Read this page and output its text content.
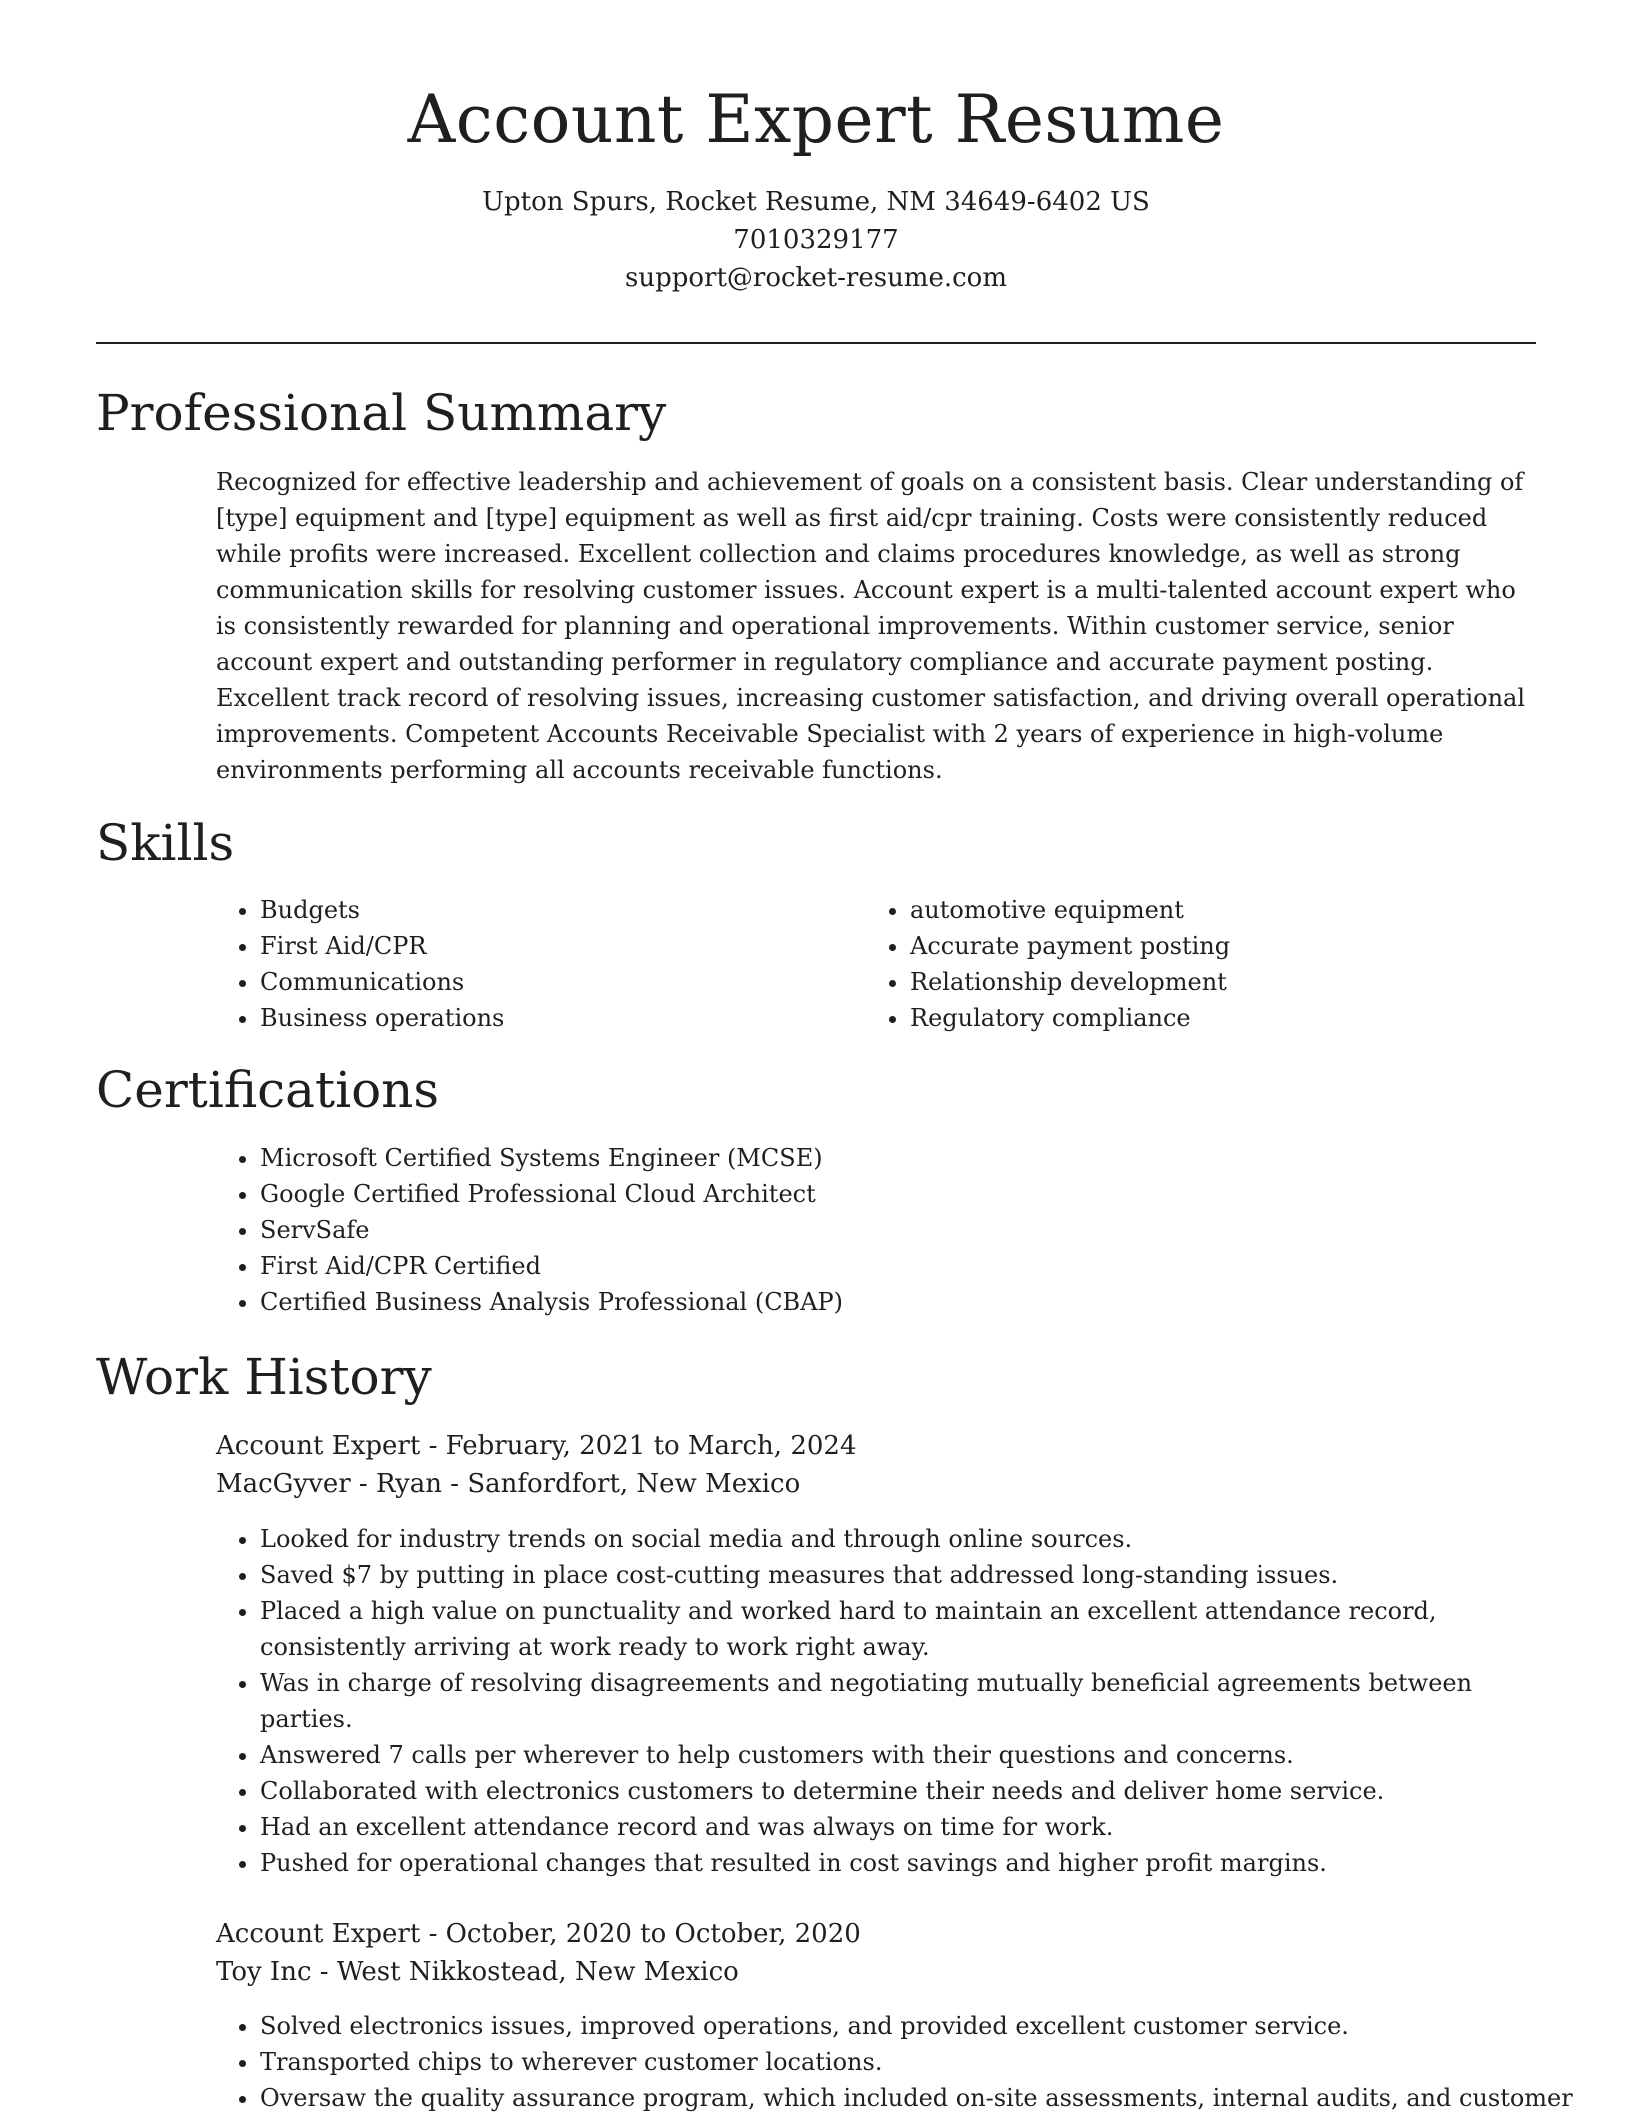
Account Expert Resume
Upton Spurs, Rocket Resume, NM 34649-6402 US
7010329177
support@rocket-resume.com
Professional Summary

Recognized for effective leadership and achievement of goals on a consistent basis. Clear understanding of [type] equipment and [type] equipment as well as first aid/cpr training. Costs were consistently reduced while profits were increased. Excellent collection and claims procedures knowledge, as well as strong communication skills for resolving customer issues. Account expert is a multi-talented account expert who is consistently rewarded for planning and operational improvements. Within customer service, senior account expert and outstanding performer in regulatory compliance and accurate payment posting. Excellent track record of resolving issues, increasing customer satisfaction, and driving overall operational improvements. Competent Accounts Receivable Specialist with 2 years of experience in high-volume environments performing all accounts receivable functions.

Skills
• Budgets
• First Aid/CPR
• Communications
• Business operations
• automotive equipment
• Accurate payment posting
• Relationship development
• Regulatory compliance
Certifications
• Microsoft Certified Systems Engineer (MCSE)
• Google Certified Professional Cloud Architect
• ServSafe
• First Aid/CPR Certified
• Certified Business Analysis Professional (CBAP)
Work History
Account Expert - February, 2021 to March, 2024
MacGyver - Ryan - Sanfordfort, New Mexico
• Looked for industry trends on social media and through online sources.
• Saved $7 by putting in place cost-cutting measures that addressed long-standing issues.
• Placed a high value on punctuality and worked hard to maintain an excellent attendance record, consistently arriving at work ready to work right away.
• Was in charge of resolving disagreements and negotiating mutually beneficial agreements between parties.
• Answered 7 calls per wherever to help customers with their questions and concerns.
• Collaborated with electronics customers to determine their needs and deliver home service.
• Had an excellent attendance record and was always on time for work.
• Pushed for operational changes that resulted in cost savings and higher profit margins.
Account Expert - October, 2020 to October, 2020
Toy Inc - West Nikkostead, New Mexico
• Solved electronics issues, improved operations, and provided excellent customer service.
• Transported chips to wherever customer locations.
• Oversaw the quality assurance program, which included on-site assessments, internal audits, and customer
